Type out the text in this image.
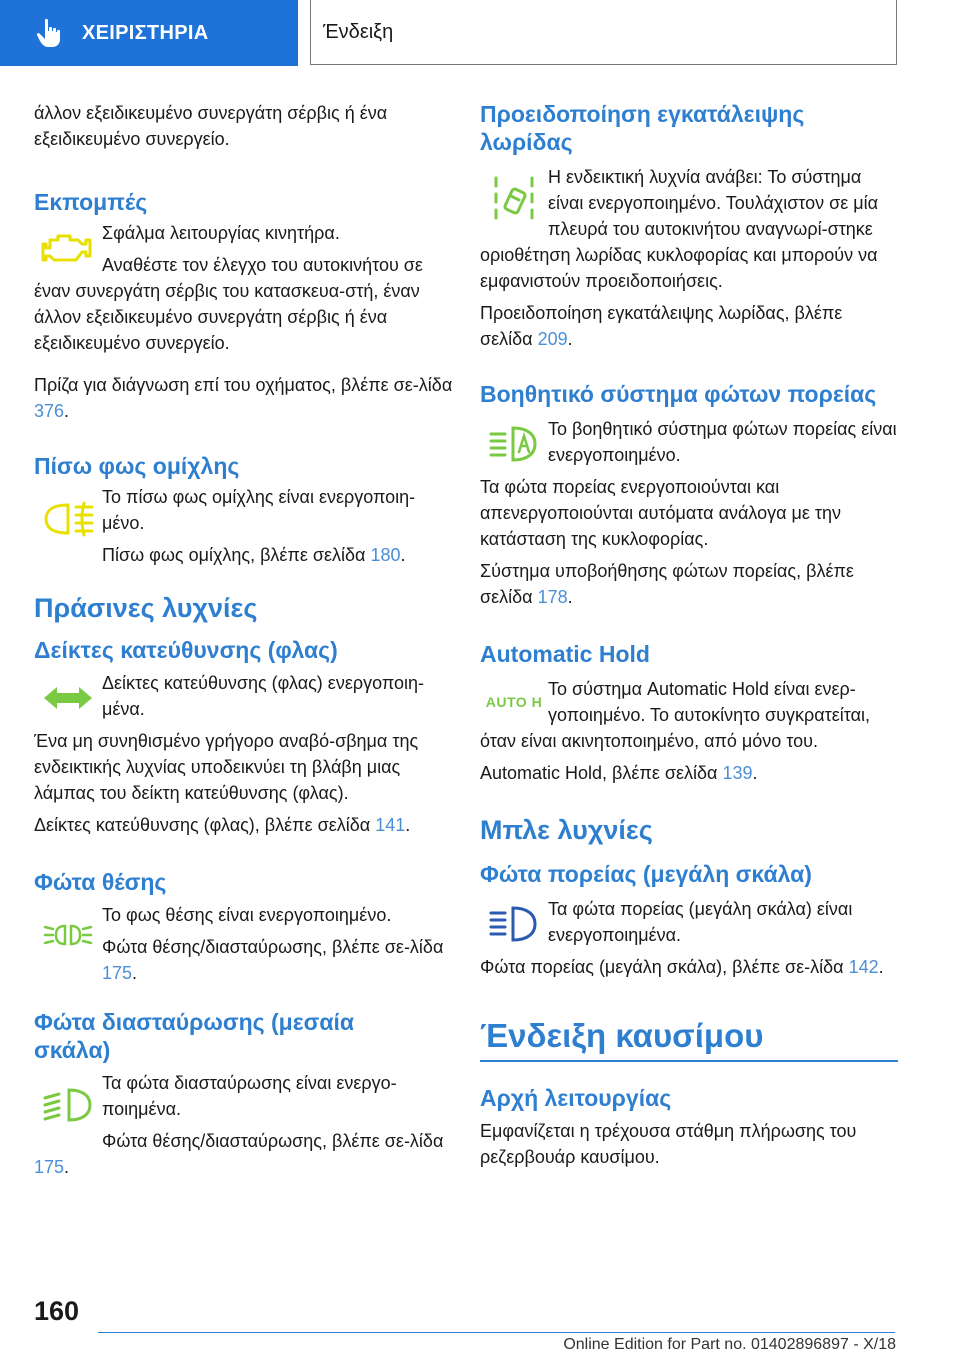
ΧΕΙΡΙΣΤΗΡΙΑ	Ένδειξη

άλλον εξειδικευμένο συνεργάτη σέρβις ή ένα εξειδικευμένο συνεργείο.

Εκπομπές

Σφάλμα λειτουργίας κινητήρα.

Αναθέστε τον έλεγχο του αυτοκινήτου σε έναν συνεργάτη σέρβις του κατασκευα‐στή, έναν άλλον εξειδικευμένο συνεργάτη σέρβις ή ένα εξειδικευμένο συνεργείο.

Πρίζα για διάγνωση επί του οχήματος, βλέπε σε‐λίδα 376.

Πίσω φως ομίχλης

Το πίσω φως ομίχλης είναι ενεργοποιη‐μένο.

Πίσω φως ομίχλης, βλέπε σελίδα 180.

Πράσινες λυχνίες
Δείκτες κατεύθυνσης (φλας)

Δείκτες κατεύθυνσης (φλας) ενεργοποιη‐μένα.

Ένα μη συνηθισμένο γρήγορο αναβό‐σβημα της ενδεικτικής λυχνίας υποδεικνύει τη βλάβη μιας λάμπας του δείκτη κατεύθυνσης (φλας).

Δείκτες κατεύθυνσης (φλας), βλέπε σελίδα 141.

Φώτα θέσης

Το φως θέσης είναι ενεργοποιημένο.

Φώτα θέσης/διασταύρωσης, βλέπε σε‐λίδα 175.

Φώτα διασταύρωσης (μεσαία σκάλα)

Τα φώτα διασταύρωσης είναι ενεργο‐ποιημένα.

Φώτα θέσης/διασταύρωσης, βλέπε σε‐λίδα 175.

Προειδοποίηση εγκατάλειψης λωρίδας

Η ενδεικτική λυχνία ανάβει: Το σύστημα είναι ενεργοποιημένο. Τουλάχιστον σε μία πλευρά του αυτοκινήτου αναγνωρί‐στηκε οριοθέτηση λωρίδας κυκλοφορίας και μπορούν να εμφανιστούν προειδοποιήσεις.

Προειδοποίηση εγκατάλειψης λωρίδας, βλέπε σελίδα 209.

Βοηθητικό σύστημα φώτων πορείας

Το βοηθητικό σύστημα φώτων πορείας είναι ενεργοποιημένο.

Τα φώτα πορείας ενεργοποιούνται και απενεργοποιούνται αυτόματα ανάλογα με την κατάσταση της κυκλοφορίας.

Σύστημα υποβοήθησης φώτων πορείας, βλέπε σελίδα 178.

Automatic Hold
AUTO H

Το σύστημα Automatic Hold είναι ενερ‐γοποιημένο. Το αυτοκίνητο συγκρατείται, όταν είναι ακινητοποιημένο, από μόνο του.

Automatic Hold, βλέπε σελίδα 139.

Μπλε λυχνίες
Φώτα πορείας (μεγάλη σκάλα)

Τα φώτα πορείας (μεγάλη σκάλα) είναι ενεργοποιημένα.

Φώτα πορείας (μεγάλη σκάλα), βλέπε σε‐λίδα 142.

Ένδειξη καυσίμου
Αρχή λειτουργίας

Εμφανίζεται η τρέχουσα στάθμη πλήρωσης του ρεζερβουάρ καυσίμου.

160
Online Edition for Part no. 01402896897 - X/18
